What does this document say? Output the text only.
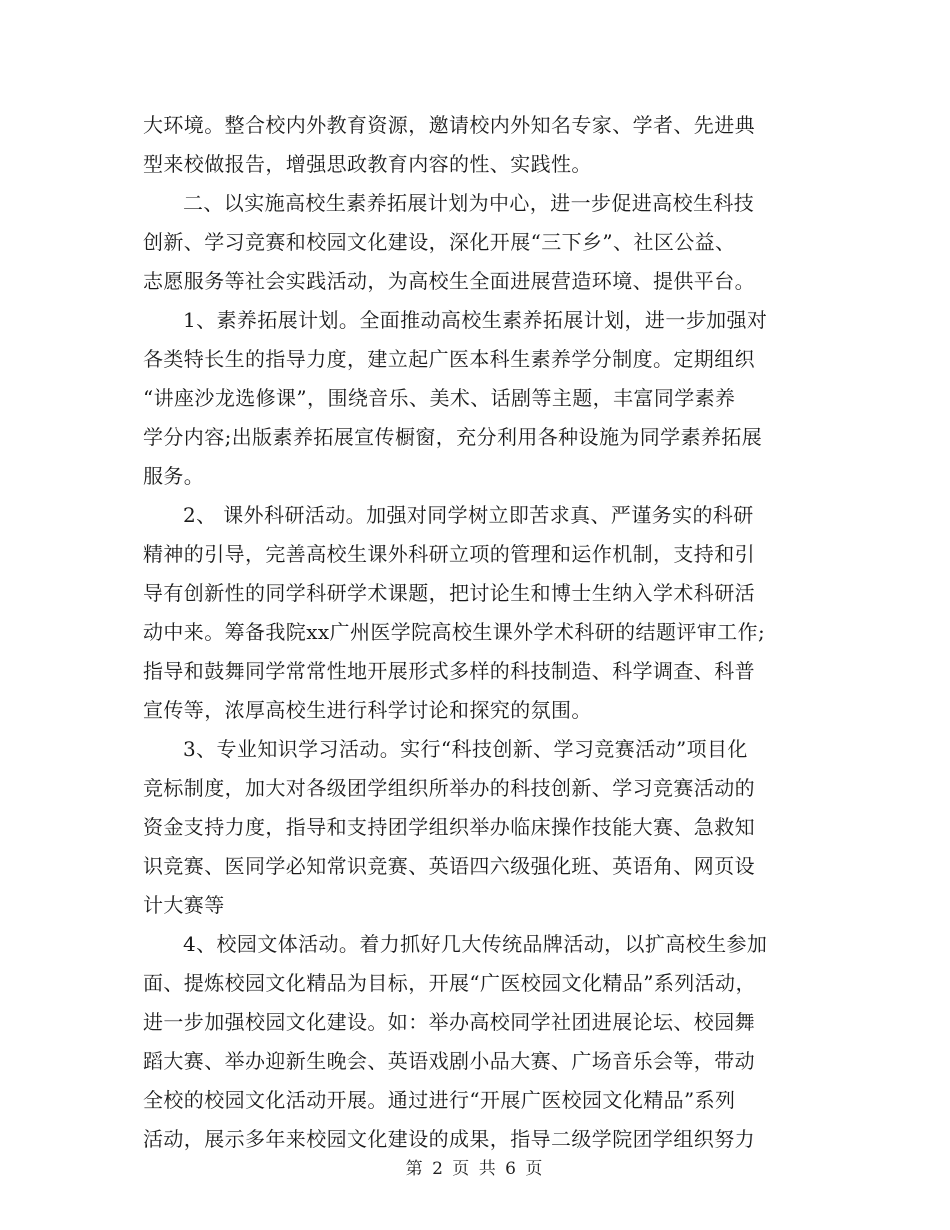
大环境。整合校内外教育资源，邀请校内外知名专家、学者、先进典
型来校做报告，增强思政教育内容的性、实践性。
二、以实施高校生素养拓展计划为中心，进一步促进高校生科技
创新、学习竞赛和校园文化建设，深化开展“三下乡”、社区公益、
志愿服务等社会实践活动，为高校生全面进展营造环境、提供平台。
1、素养拓展计划。全面推动高校生素养拓展计划，进一步加强对
各类特长生的指导力度，建立起广医本科生素养学分制度。定期组织
“讲座沙龙选修课”，围绕音乐、美术、话剧等主题，丰富同学素养
学分内容;出版素养拓展宣传橱窗，充分利用各种设施为同学素养拓展
服务。
2、 课外科研活动。加强对同学树立即苦求真、严谨务实的科研
精神的引导，完善高校生课外科研立项的管理和运作机制，支持和引
导有创新性的同学科研学术课题，把讨论生和博士生纳入学术科研活
动中来。筹备我院xx广州医学院高校生课外学术科研的结题评审工作;
指导和鼓舞同学常常性地开展形式多样的科技制造、科学调查、科普
宣传等，浓厚高校生进行科学讨论和探究的氛围。
3、专业知识学习活动。实行“科技创新、学习竞赛活动”项目化
竞标制度，加大对各级团学组织所举办的科技创新、学习竞赛活动的
资金支持力度，指导和支持团学组织举办临床操作技能大赛、急救知
识竞赛、医同学必知常识竞赛、英语四六级强化班、英语角、网页设
计大赛等
4、校园文体活动。着力抓好几大传统品牌活动，以扩高校生参加
面、提炼校园文化精品为目标，开展“广医校园文化精品”系列活动，
进一步加强校园文化建设。如：举办高校同学社团进展论坛、校园舞
蹈大赛、举办迎新生晚会、英语戏剧小品大赛、广场音乐会等，带动
全校的校园文化活动开展。通过进行“开展广医校园文化精品”系列
活动，展示多年来校园文化建设的成果，指导二级学院团学组织努力
第 2 页 共 6 页
